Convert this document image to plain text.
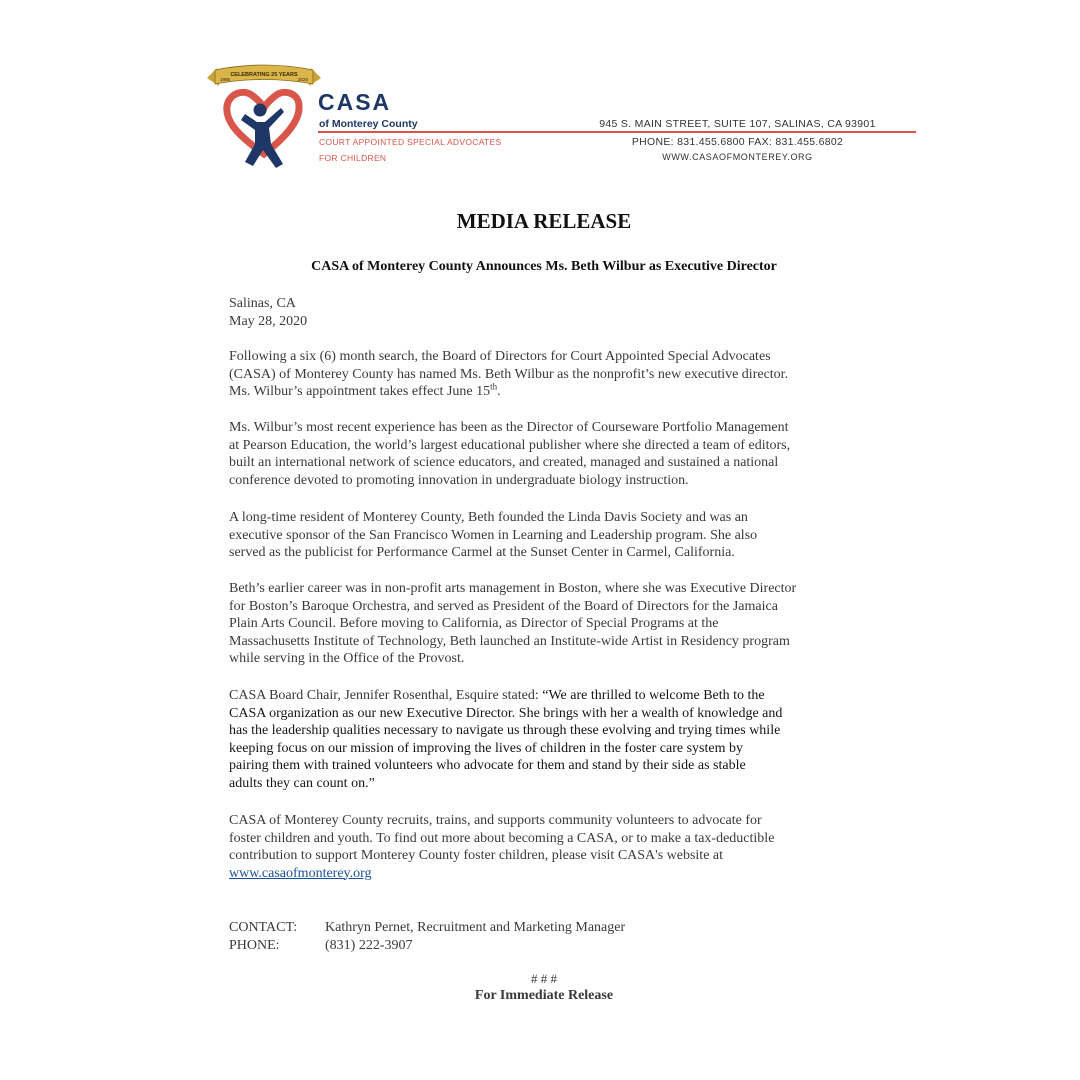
CELEBRATING 25 YEARS
1995	2020
CASA
of Monterey County
COURT APPOINTED SPECIAL ADVOCATES
FOR CHILDREN
945 S. MAIN STREET, SUITE 107, SALINAS, CA 93901
PHONE: 831.455.6800 FAX: 831.455.6802
WWW.CASAOFMONTEREY.ORG
MEDIA RELEASE
CASA of Monterey County Announces Ms. Beth Wilbur as Executive Director

Salinas, CA

May 28, 2020

Following a six (6) month search, the Board of Directors for Court Appointed Special Advocates

(CASA) of Monterey County has named Ms. Beth Wilbur as the nonprofit’s new executive director.

Ms. Wilbur’s appointment takes effect June 15th.

Ms. Wilbur’s most recent experience has been as the Director of Courseware Portfolio Management

at Pearson Education, the world’s largest educational publisher where she directed a team of editors,

built an international network of science educators, and created, managed and sustained a national

conference devoted to promoting innovation in undergraduate biology instruction.

A long-time resident of Monterey County, Beth founded the Linda Davis Society and was an

executive sponsor of the San Francisco Women in Learning and Leadership program. She also

served as the publicist for Performance Carmel at the Sunset Center in Carmel, California.

Beth’s earlier career was in non-profit arts management in Boston, where she was Executive Director

for Boston’s Baroque Orchestra, and served as President of the Board of Directors for the Jamaica

Plain Arts Council. Before moving to California, as Director of Special Programs at the

Massachusetts Institute of Technology, Beth launched an Institute-wide Artist in Residency program

while serving in the Office of the Provost.

CASA Board Chair, Jennifer Rosenthal, Esquire stated: “We are thrilled to welcome Beth to the

CASA organization as our new Executive Director. She brings with her a wealth of knowledge and

has the leadership qualities necessary to navigate us through these evolving and trying times while

keeping focus on our mission of improving the lives of children in the foster care system by

pairing them with trained volunteers who advocate for them and stand by their side as stable

adults they can count on.”

CASA of Monterey County recruits, trains, and supports community volunteers to advocate for

foster children and youth. To find out more about becoming a CASA, or to make a tax-deductible

contribution to support Monterey County foster children, please visit CASA's website at

www.casaofmonterey.org

CONTACT: Kathryn Pernet, Recruitment and Marketing Manager
PHONE:	(831) 222-3907
# # #
For Immediate Release
